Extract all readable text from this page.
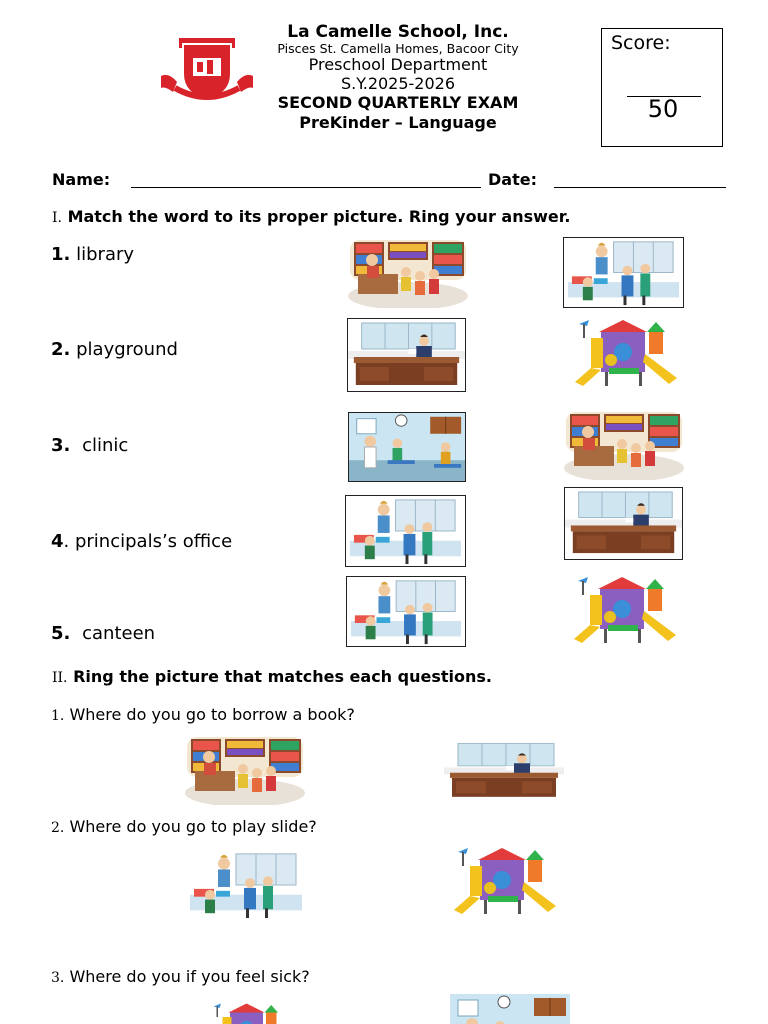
La Camelle School, Inc.
Pisces St. Camella Homes, Bacoor City
Preschool Department
S.Y.2025-2026
SECOND QUARTERLY EXAM
PreKinder – Language
Score:
50
Name:	Date:
I. Match the word to its proper picture. Ring your answer.
1. library
2. playground
3. clinic
4. principals’s office
5. canteen
II. Ring the picture that matches each questions.
1. Where do you go to borrow a book?
2. Where do you go to play slide?
3. Where do you if you feel sick?
